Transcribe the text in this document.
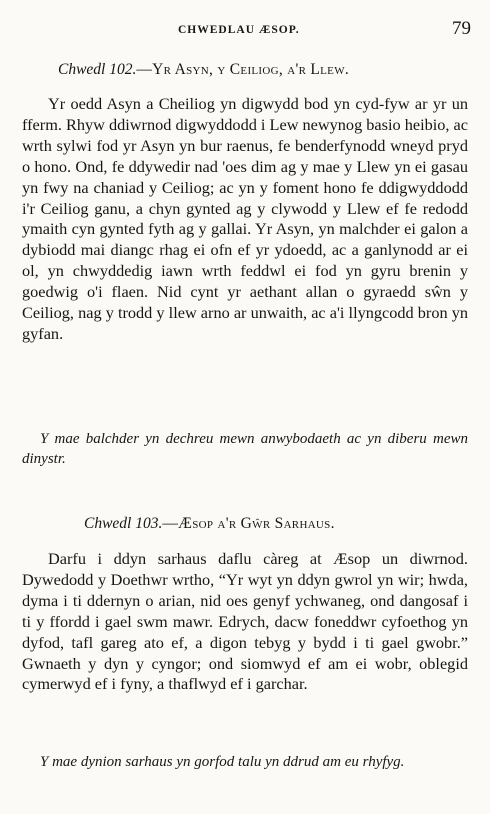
CHWEDLAU ÆSOP.	79
Chwedl 102.—Yr Asyn, y Ceiliog, a'r Llew.

Yr oedd Asyn a Cheiliog yn digwydd bod yn cyd-fyw ar yr un fferm. Rhyw ddiwrnod digwyddodd i Lew newynog basio heibio, ac wrth sylwi fod yr Asyn yn bur raenus, fe benderfynodd wneyd pryd o hono. Ond, fe ddywedir nad 'oes dim ag y mae y Llew yn ei gasau yn fwy na chaniad y Ceiliog; ac yn y foment hono fe ddigwyddodd i'r Ceiliog ganu, a chyn gynted ag y clywodd y Llew ef fe redodd ymaith cyn gynted fyth ag y gallai. Yr Asyn, yn malchder ei galon a dybiodd mai diangc rhag ei ofn ef yr ydoedd, ac a ganlynodd ar ei ol, yn chwyddedig iawn wrth feddwl ei fod yn gyru brenin y goedwig o'i flaen. Nid cynt yr aethant allan o gyraedd sŵn y Ceiliog, nag y trodd y llew arno ar unwaith, ac a'i llyngcodd bron yn gyfan.

Y mae balchder yn dechreu mewn anwybodaeth ac yn diberu mewn dinystr.

Chwedl 103.—Æsop a'r Gŵr Sarhaus.

Darfu i ddyn sarhaus daflu càreg at Æsop un diwrnod. Dywedodd y Doethwr wrtho, “Yr wyt yn ddyn gwrol yn wir; hwda, dyma i ti ddernyn o arian, nid oes genyf ychwaneg, ond dangosaf i ti y ffordd i gael swm mawr. Edrych, dacw foneddwr cyfoethog yn dyfod, tafl gareg ato ef, a digon tebyg y bydd i ti gael gwobr.” Gwnaeth y dyn y cyngor; ond siomwyd ef am ei wobr, oblegid cymerwyd ef i fyny, a thaflwyd ef i garchar.

Y mae dynion sarhaus yn gorfod talu yn ddrud am eu rhyfyg.
